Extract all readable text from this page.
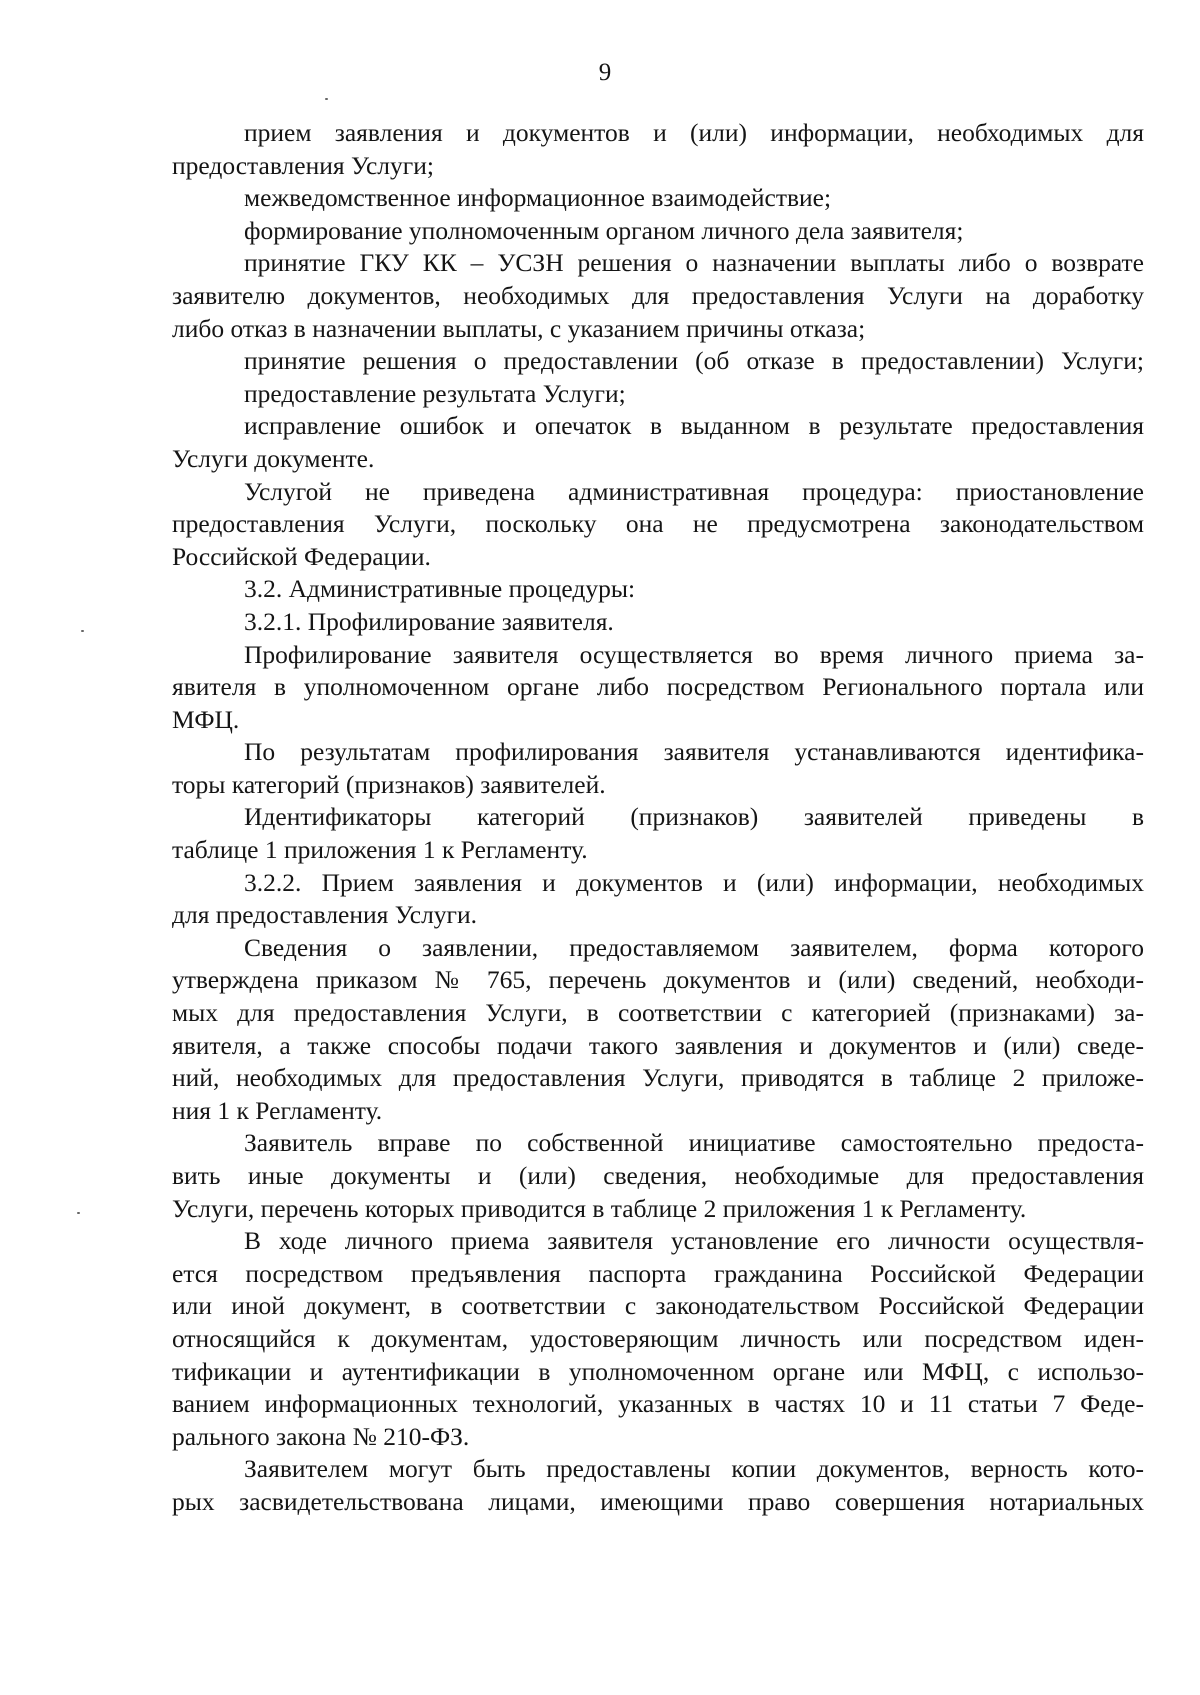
9

прием заявления и документов и (или) информации, необходимых для
предоставления Услуги;

межведомственное информационное взаимодействие;

формирование уполномоченным органом личного дела заявителя;

принятие ГКУ КК – УСЗН решения о назначении выплаты либо о возврате
заявителю документов, необходимых для предоставления Услуги на доработку
либо отказ в назначении выплаты, с указанием причины отказа;

принятие решения о предоставлении (об отказе в предоставлении) Услуги;

предоставление результата Услуги;

исправление ошибок и опечаток в выданном в результате предоставления
Услуги документе.

Услугой не приведена административная процедура: приостановление
предоставления Услуги, поскольку она не предусмотрена законодательством
Российской Федерации.

3.2. Административные процедуры:

3.2.1. Профилирование заявителя.

Профилирование заявителя осуществляется во время личного приема за-
явителя в уполномоченном органе либо посредством Регионального портала или
МФЦ.

По результатам профилирования заявителя устанавливаются идентифика-
торы категорий (признаков) заявителей.

Идентификаторы категорий (признаков) заявителей приведены в
таблице 1 приложения 1 к Регламенту.

3.2.2. Прием заявления и документов и (или) информации, необходимых
для предоставления Услуги.

Сведения о заявлении, предоставляемом заявителем, форма которого
утверждена приказом № 765, перечень документов и (или) сведений, необходи-
мых для предоставления Услуги, в соответствии с категорией (признаками) за-
явителя, а также способы подачи такого заявления и документов и (или) сведе-
ний, необходимых для предоставления Услуги, приводятся в таблице 2 приложе-
ния 1 к Регламенту.

Заявитель вправе по собственной инициативе самостоятельно предоста-
вить иные документы и (или) сведения, необходимые для предоставления
Услуги, перечень которых приводится в таблице 2 приложения 1 к Регламенту.

В ходе личного приема заявителя установление его личности осуществля-
ется посредством предъявления паспорта гражданина Российской Федерации
или иной документ, в соответствии с законодательством Российской Федерации
относящийся к документам, удостоверяющим личность или посредством иден-
тификации и аутентификации в уполномоченном органе или МФЦ, с использо-
ванием информационных технологий, указанных в частях 10 и 11 статьи 7 Феде-
рального закона № 210-ФЗ.

Заявителем могут быть предоставлены копии документов, верность кото-
рых засвидетельствована лицами, имеющими право совершения нотариальных
